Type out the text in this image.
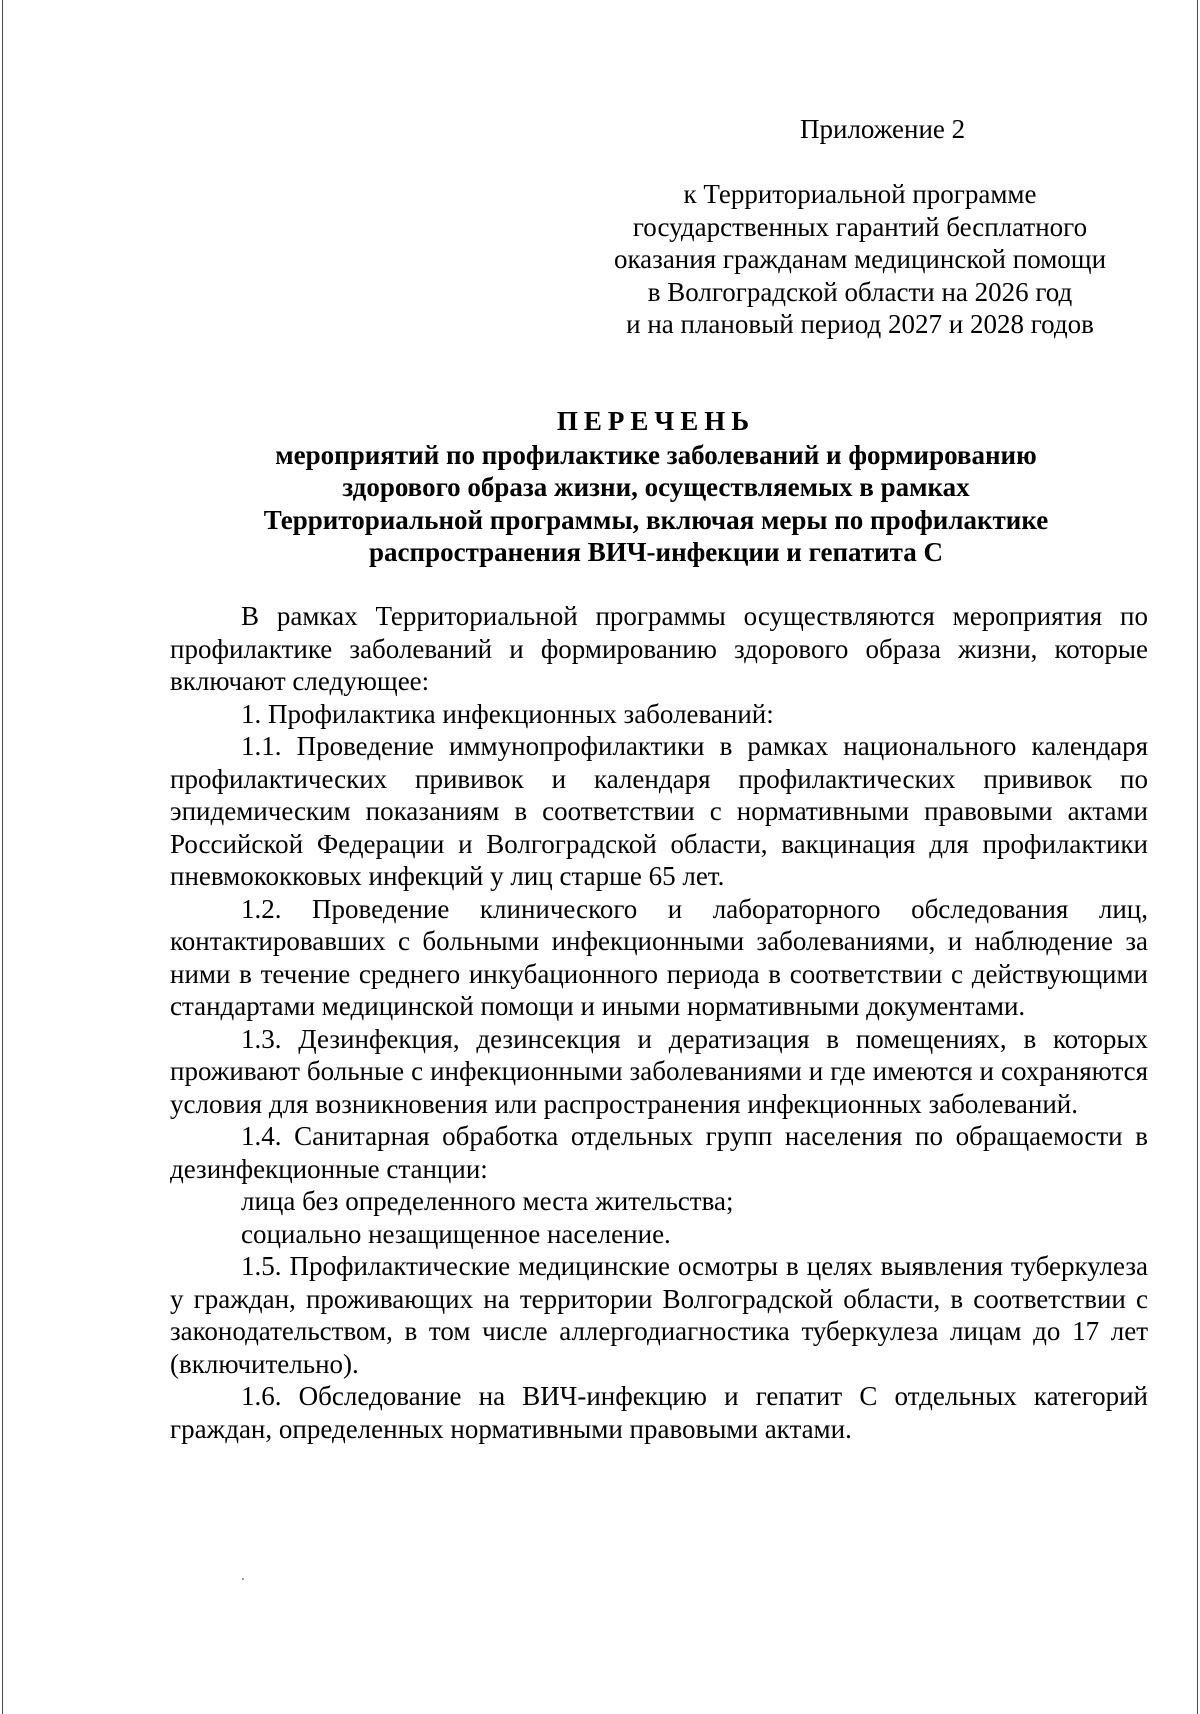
Приложение 2
к Территориальной программе
государственных гарантий бесплатного
оказания гражданам медицинской помощи
в Волгоградской области на 2026 год
и на плановый период 2027 и 2028 годов
ПЕРЕЧЕНЬ
мероприятий по профилактике заболеваний и формированию
здорового образа жизни, осуществляемых в рамках
Территориальной программы, включая меры по профилактике
распространения ВИЧ-инфекции и гепатита С

В рамках Территориальной программы осуществляются мероприятия по профилактике заболеваний и формированию здорового образа жизни, которые включают следующее:

1. Профилактика инфекционных заболеваний:

1.1. Проведение иммунопрофилактики в рамках национального календаря профилактических прививок и календаря профилактических прививок по эпидемическим показаниям в соответствии с нормативными правовыми актами Российской Федерации и Волгоградской области, вакцинация для профилактики пневмококковых инфекций у лиц старше 65 лет.

1.2. Проведение клинического и лабораторного обследования лиц, контактировавших с больными инфекционными заболеваниями, и наблюдение за ними в течение среднего инкубационного периода в соответствии с действующими стандартами медицинской помощи и иными нормативными документами.

1.3. Дезинфекция, дезинсекция и дератизация в помещениях, в которых проживают больные с инфекционными заболеваниями и где имеются и сохраняются условия для возникновения или распространения инфекционных заболеваний.

1.4. Санитарная обработка отдельных групп населения по обращаемости в дезинфекционные станции:

лица без определенного места жительства;

социально незащищенное население.

1.5. Профилактические медицинские осмотры в целях выявления туберкулеза у граждан, проживающих на территории Волгоградской области, в соответствии с законодательством, в том числе аллергодиагностика туберкулеза лицам до 17 лет (включительно).

1.6. Обследование на ВИЧ-инфекцию и гепатит С отдельных категорий граждан, определенных нормативными правовыми актами.
